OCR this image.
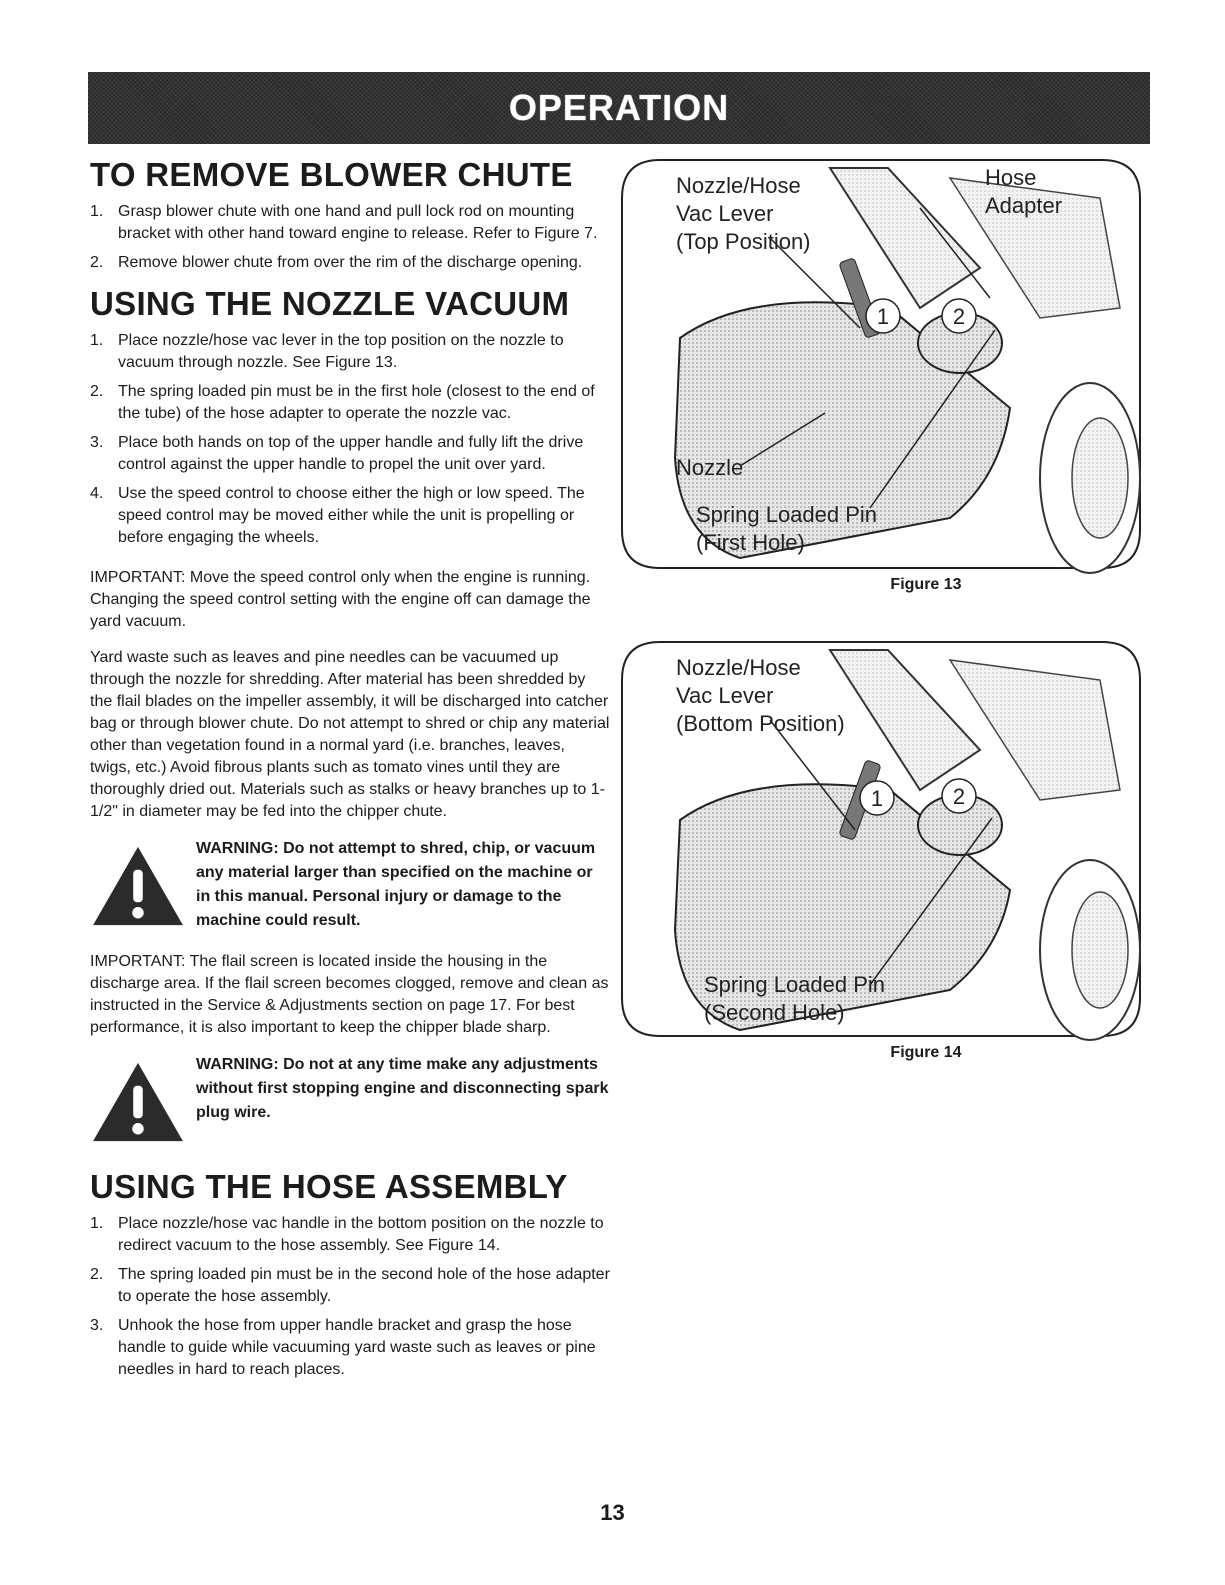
OPERATION
TO REMOVE BLOWER CHUTE
1. Grasp blower chute with one hand and pull lock rod on mounting bracket with other hand toward engine to release. Refer to Figure 7.
2. Remove blower chute from over the rim of the discharge opening.
USING THE NOZZLE VACUUM
1. Place nozzle/hose vac lever in the top position on the nozzle to vacuum through nozzle. See Figure 13.
2. The spring loaded pin must be in the first hole (closest to the end of the tube) of the hose adapter to operate the nozzle vac.
3. Place both hands on top of the upper handle and fully lift the drive control against the upper handle to propel the unit over yard.
4. Use the speed control to choose either the high or low speed. The speed control may be moved either while the unit is propelling or before engaging the wheels.

IMPORTANT: Move the speed control only when the engine is running. Changing the speed control setting with the engine off can damage the yard vacuum.

Yard waste such as leaves and pine needles can be vacuumed up through the nozzle for shredding. After material has been shredded by the flail blades on the impeller assembly, it will be discharged into catcher bag or through blower chute. Do not attempt to shred or chip any material other than vegetation found in a normal yard (i.e. branches, leaves, twigs, etc.) Avoid fibrous plants such as tomato vines until they are thoroughly dried out. Materials such as stalks or heavy branches up to 1-1/2" in diameter may be fed into the chipper chute.

WARNING: Do not attempt to shred, chip, or vacuum any material larger than specified on the machine or in this manual. Personal injury or damage to the machine could result.

IMPORTANT: The flail screen is located inside the housing in the discharge area. If the flail screen becomes clogged, remove and clean as instructed in the Service & Adjustments section on page 17. For best performance, it is also important to keep the chipper blade sharp.

WARNING: Do not at any time make any adjustments without first stopping engine and disconnecting spark plug wire.
USING THE HOSE ASSEMBLY
1. Place nozzle/hose vac handle in the bottom position on the nozzle to redirect vacuum to the hose assembly. See Figure 14.
2. The spring loaded pin must be in the second hole of the hose adapter to operate the hose assembly.
3. Unhook the hose from upper handle bracket and grasp the hose handle to guide while vacuuming yard waste such as leaves or pine needles in hard to reach places.
1	2
Nozzle/Hose
Vac Lever
(Top Position)
Hose
Adapter
Nozzle
Spring Loaded Pin
(First Hole)
Figure 13
1	2
Nozzle/Hose
Vac Lever
(Bottom Position)
Spring Loaded Pin
(Second Hole)
Figure 14
13
